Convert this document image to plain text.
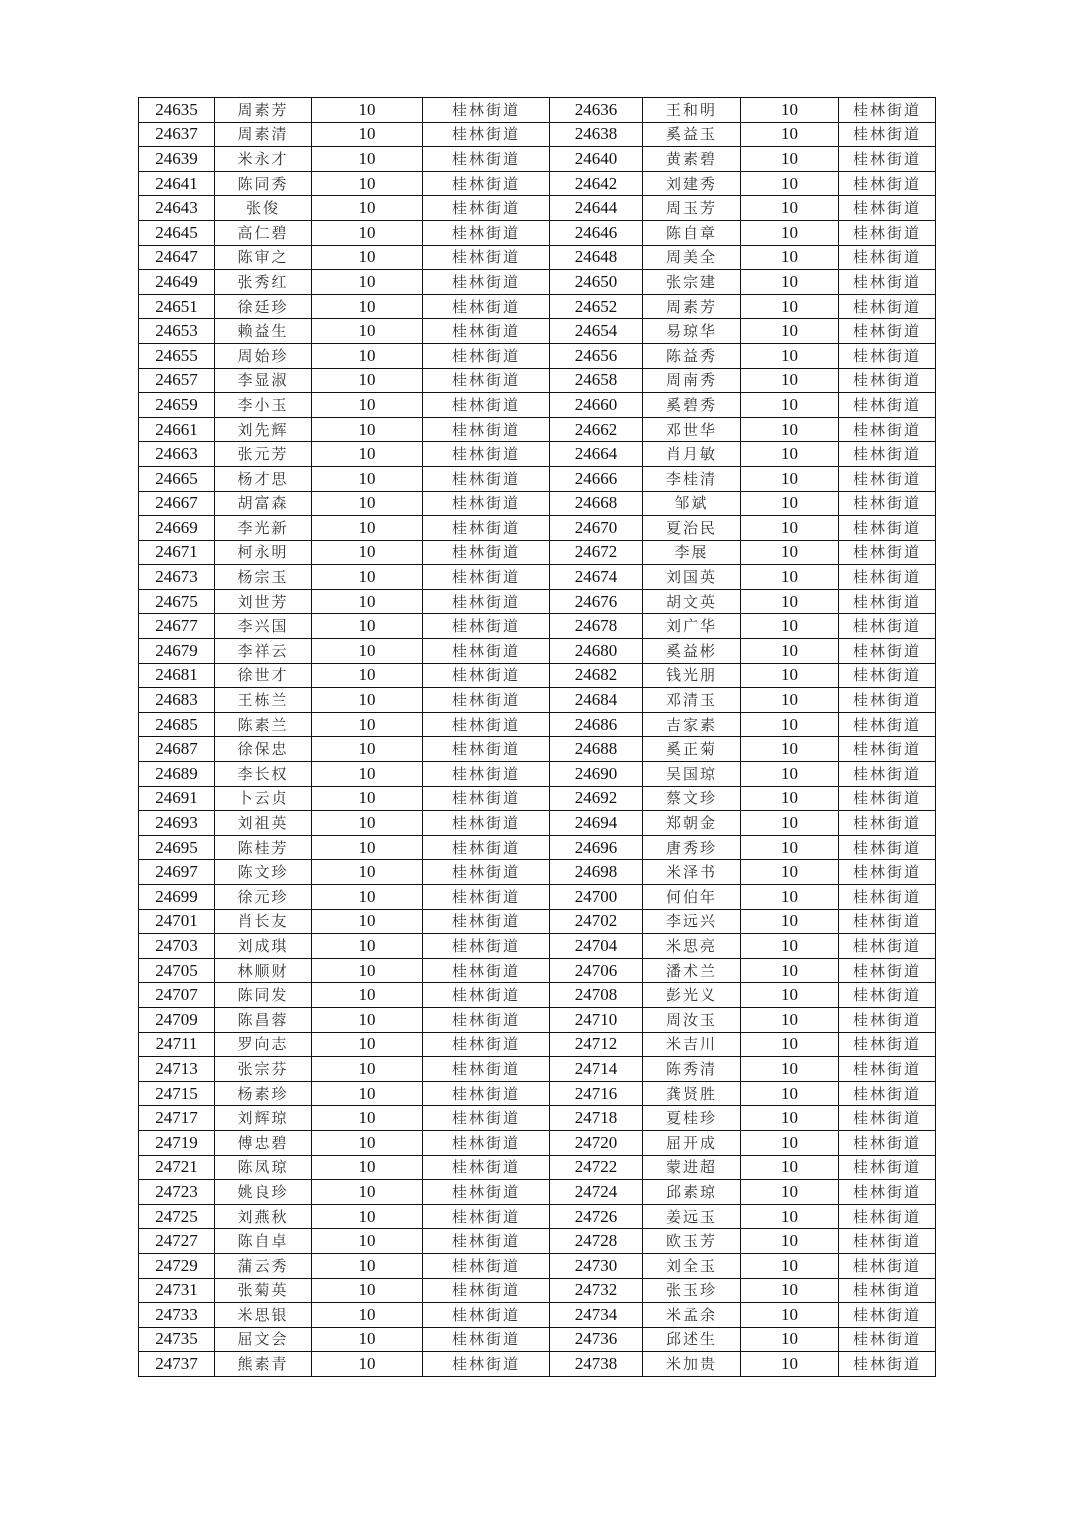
24635	周素芳	10	桂林街道	24636	王和明	10	桂林街道
24637	周素清	10	桂林街道	24638	奚益玉	10	桂林街道
24639	米永才	10	桂林街道	24640	黄素碧	10	桂林街道
24641	陈同秀	10	桂林街道	24642	刘建秀	10	桂林街道
24643	张俊	10	桂林街道	24644	周玉芳	10	桂林街道
24645	高仁碧	10	桂林街道	24646	陈自章	10	桂林街道
24647	陈审之	10	桂林街道	24648	周美全	10	桂林街道
24649	张秀红	10	桂林街道	24650	张宗建	10	桂林街道
24651	徐廷珍	10	桂林街道	24652	周素芳	10	桂林街道
24653	赖益生	10	桂林街道	24654	易琼华	10	桂林街道
24655	周始珍	10	桂林街道	24656	陈益秀	10	桂林街道
24657	李显淑	10	桂林街道	24658	周南秀	10	桂林街道
24659	李小玉	10	桂林街道	24660	奚碧秀	10	桂林街道
24661	刘先辉	10	桂林街道	24662	邓世华	10	桂林街道
24663	张元芳	10	桂林街道	24664	肖月敏	10	桂林街道
24665	杨才思	10	桂林街道	24666	李桂清	10	桂林街道
24667	胡富森	10	桂林街道	24668	邹斌	10	桂林街道
24669	李光新	10	桂林街道	24670	夏治民	10	桂林街道
24671	柯永明	10	桂林街道	24672	李展	10	桂林街道
24673	杨宗玉	10	桂林街道	24674	刘国英	10	桂林街道
24675	刘世芳	10	桂林街道	24676	胡文英	10	桂林街道
24677	李兴国	10	桂林街道	24678	刘广华	10	桂林街道
24679	李祥云	10	桂林街道	24680	奚益彬	10	桂林街道
24681	徐世才	10	桂林街道	24682	钱光朋	10	桂林街道
24683	王栋兰	10	桂林街道	24684	邓清玉	10	桂林街道
24685	陈素兰	10	桂林街道	24686	吉家素	10	桂林街道
24687	徐保忠	10	桂林街道	24688	奚正菊	10	桂林街道
24689	李长权	10	桂林街道	24690	吴国琼	10	桂林街道
24691	卜云贞	10	桂林街道	24692	蔡文珍	10	桂林街道
24693	刘祖英	10	桂林街道	24694	郑朝金	10	桂林街道
24695	陈桂芳	10	桂林街道	24696	唐秀珍	10	桂林街道
24697	陈文珍	10	桂林街道	24698	米泽书	10	桂林街道
24699	徐元珍	10	桂林街道	24700	何伯年	10	桂林街道
24701	肖长友	10	桂林街道	24702	李远兴	10	桂林街道
24703	刘成琪	10	桂林街道	24704	米思亮	10	桂林街道
24705	林顺财	10	桂林街道	24706	潘术兰	10	桂林街道
24707	陈同发	10	桂林街道	24708	彭光义	10	桂林街道
24709	陈昌蓉	10	桂林街道	24710	周汝玉	10	桂林街道
24711	罗向志	10	桂林街道	24712	米吉川	10	桂林街道
24713	张宗芬	10	桂林街道	24714	陈秀清	10	桂林街道
24715	杨素珍	10	桂林街道	24716	龚贤胜	10	桂林街道
24717	刘辉琼	10	桂林街道	24718	夏桂珍	10	桂林街道
24719	傅忠碧	10	桂林街道	24720	屈开成	10	桂林街道
24721	陈凤琼	10	桂林街道	24722	蒙进超	10	桂林街道
24723	姚良珍	10	桂林街道	24724	邱素琼	10	桂林街道
24725	刘燕秋	10	桂林街道	24726	姜远玉	10	桂林街道
24727	陈自卓	10	桂林街道	24728	欧玉芳	10	桂林街道
24729	蒲云秀	10	桂林街道	24730	刘全玉	10	桂林街道
24731	张菊英	10	桂林街道	24732	张玉珍	10	桂林街道
24733	米思银	10	桂林街道	24734	米孟余	10	桂林街道
24735	屈文会	10	桂林街道	24736	邱述生	10	桂林街道
24737	熊素青	10	桂林街道	24738	米加贵	10	桂林街道
